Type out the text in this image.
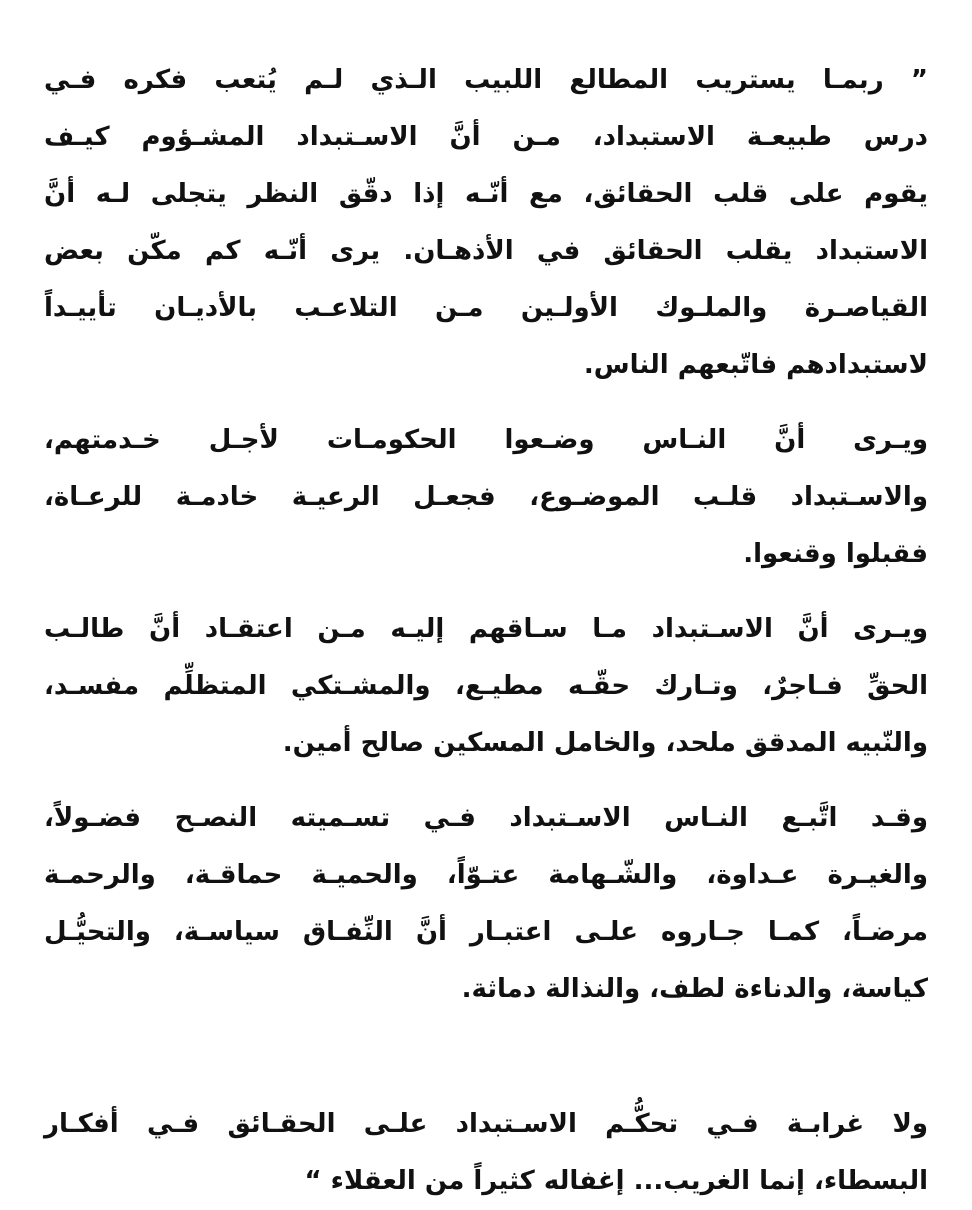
” ربمـا يستريب المطالع اللبيب الـذي لـم يُتعب فكره فـي
درس طبيعـة الاستبداد، مـن أنَّ الاسـتبداد المشـؤوم كيـف
يقوم على قلب الحقائق، مع أنّـه إذا دقّق النظر يتجلى لـه أنَّ
الاستبداد يقلب الحقائق في الأذهـان. يرى أنّـه كم مكّن بعض
القياصـرة والملـوك الأولـين مـن التلاعـب بالأديـان تأييـداً
لاستبدادهم فاتّبعهم الناس.
ويـرى أنَّ النـاس وضـعوا الحكومـات لأجـل خـدمتهم،
والاسـتبداد قلـب الموضـوع، فجعـل الرعيـة خادمـة للرعـاة،
فقبلوا وقنعوا.
ويـرى أنَّ الاسـتبداد مـا سـاقهم إليـه مـن اعتقـاد أنَّ طالـب
الحقِّ فـاجرٌ، وتـارك حقّـه مطيـع، والمشـتكي المتظلِّم مفسـد،
والنّبيه المدقق ملحد، والخامل المسكين صالح أمين.
وقـد اتَّبـع النـاس الاسـتبداد فـي تسـميته النصـح فضـولاً،
والغيـرة عـداوة، والشّـهامة عتـوّاً، والحميـة حماقـة، والرحمـة
مرضـاً، كمـا جـاروه علـى اعتبـار أنَّ النِّفـاق سياسـة، والتحيُّـل
كياسة، والدناءة لطف، والنذالة دماثة.
ولا غرابـة فـي تحكُّـم الاسـتبداد علـى الحقـائق فـي أفكـار
البسطاء، إنما الغريب... إغفاله كثيراً من العقلاء “
